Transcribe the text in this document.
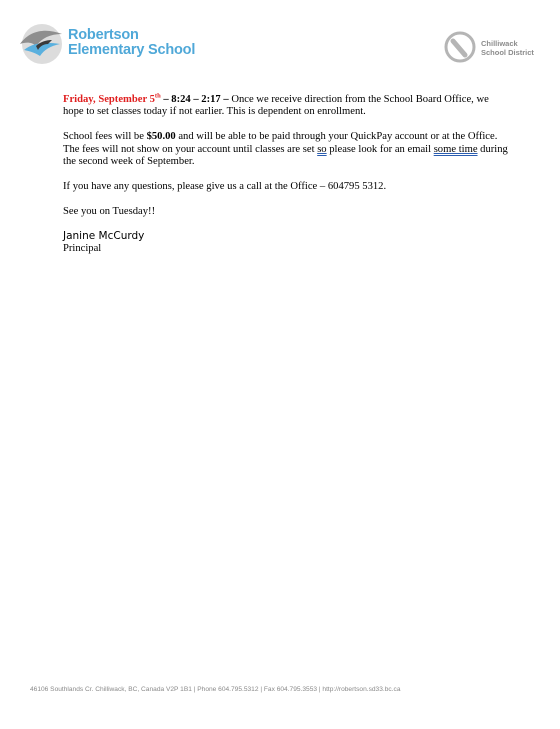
Robertson
Elementary School	Chilliwack
School District

Friday, September 5th – 8:24 – 2:17 – Once we receive direction from the School Board Office, we hope to set classes today if not earlier. This is dependent on enrollment.

School fees will be $50.00 and will be able to be paid through your QuickPay account or at the Office. The fees will not show on your account until classes are set so please look for an email some time during the second week of September.

If you have any questions, please give us a call at the Office – 604795 5312.

See you on Tuesday!!

Janine McCurdy
Principal
46106 Southlands Cr. Chilliwack, BC, Canada V2P 1B1 | Phone 604.795.5312 | Fax 604.795.3553 | http://robertson.sd33.bc.ca
